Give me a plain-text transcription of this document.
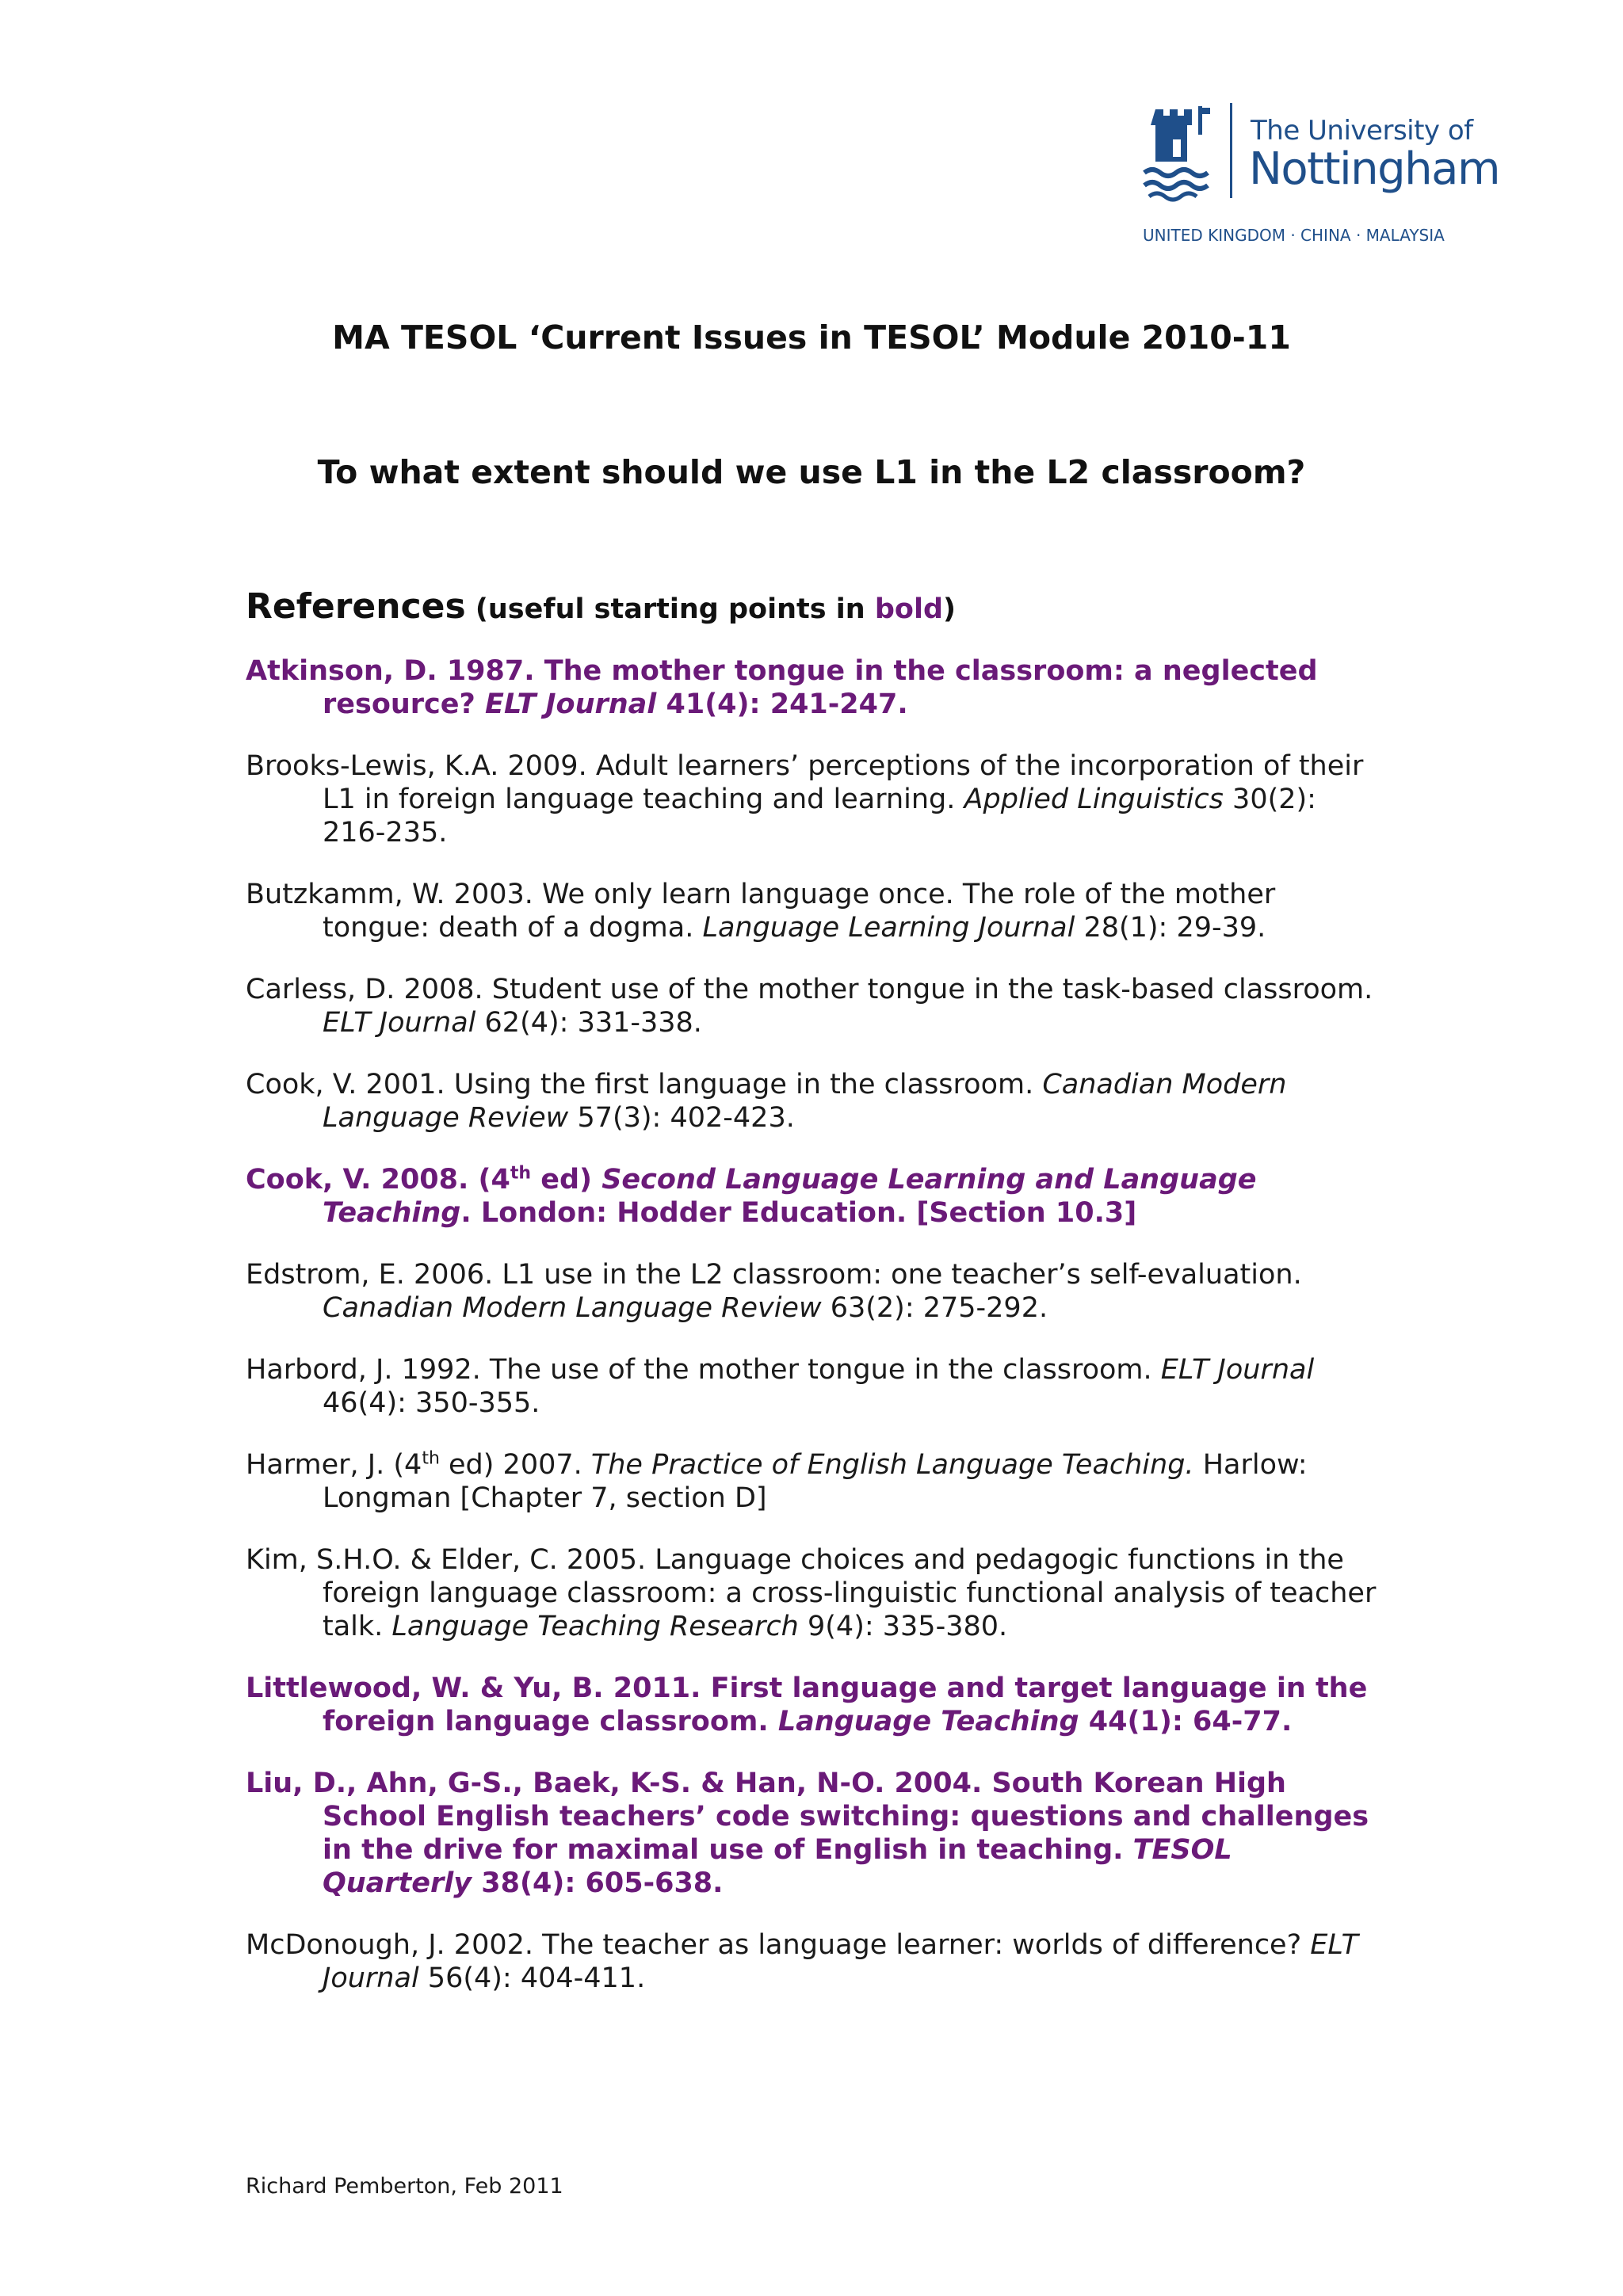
The University of
Nottingham
UNITED KINGDOM · CHINA · MALAYSIA
MA TESOL ‘Current Issues in TESOL’ Module 2010-11
To what extent should we use L1 in the L2 classroom?
References (useful starting points in bold)
Atkinson, D. 1987. The mother tongue in the classroom: a neglected resource? ELT Journal 41(4): 241-247.
Brooks-Lewis, K.A. 2009. Adult learners’ perceptions of the incorporation of their L1 in foreign language teaching and learning. Applied Linguistics 30(2): 216-235.
Butzkamm, W. 2003. We only learn language once. The role of the mother tongue: death of a dogma. Language Learning Journal 28(1): 29-39.
Carless, D. 2008. Student use of the mother tongue in the task-based classroom. ELT Journal 62(4): 331-338.
Cook, V. 2001. Using the first language in the classroom. Canadian Modern Language Review 57(3): 402-423.
Cook, V. 2008. (4th ed) Second Language Learning and Language Teaching. London: Hodder Education. [Section 10.3]
Edstrom, E. 2006. L1 use in the L2 classroom: one teacher’s self-evaluation. Canadian Modern Language Review 63(2): 275-292.
Harbord, J. 1992. The use of the mother tongue in the classroom. ELT Journal 46(4): 350-355.
Harmer, J. (4th ed) 2007. The Practice of English Language Teaching. Harlow: Longman [Chapter 7, section D]
Kim, S.H.O. & Elder, C. 2005. Language choices and pedagogic functions in the foreign language classroom: a cross-linguistic functional analysis of teacher talk. Language Teaching Research 9(4): 335-380.
Littlewood, W. & Yu, B. 2011. First language and target language in the foreign language classroom. Language Teaching 44(1): 64-77.
Liu, D., Ahn, G-S., Baek, K-S. & Han, N-O. 2004. South Korean High School English teachers’ code switching: questions and challenges in the drive for maximal use of English in teaching. TESOL Quarterly 38(4): 605-638.
McDonough, J. 2002. The teacher as language learner: worlds of difference? ELT Journal 56(4): 404-411.
Richard Pemberton, Feb 2011
